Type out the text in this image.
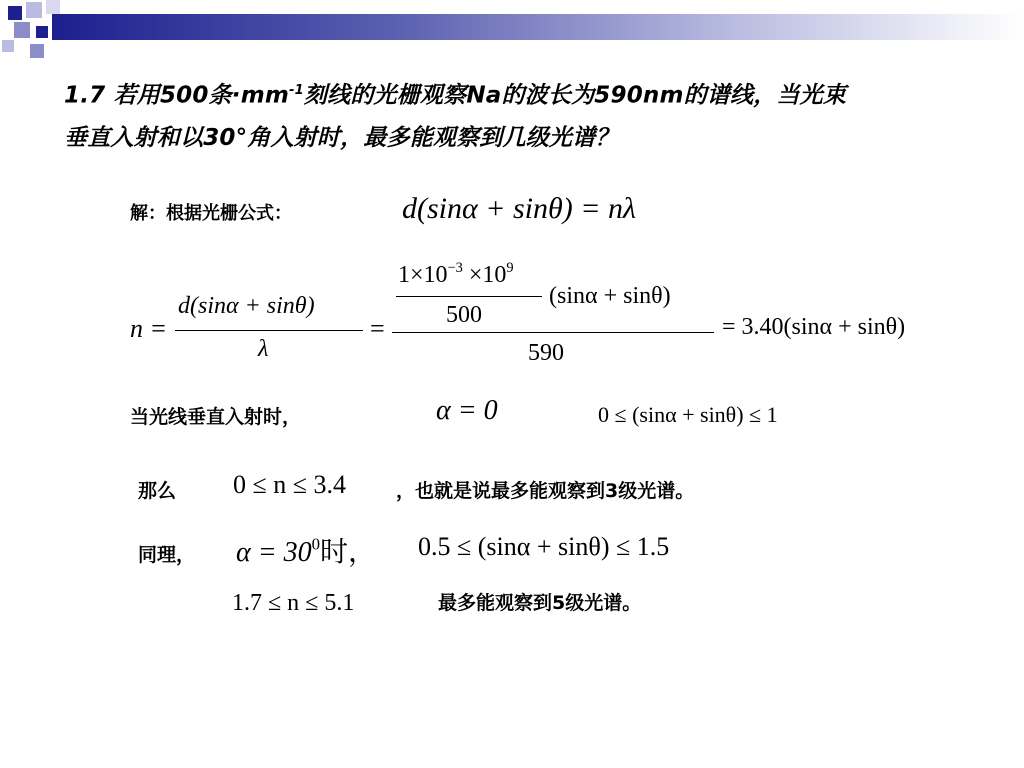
1.7 若用500条$\cdot mm^{-1}$刻线的光栅观察Na的波长为590nm的谱线，当光束
垂直入射和以30°角入射时，最多能观察到几级光谱？
解：根据光栅公式：	d(sinα + sinθ) = nλ
n =
d(sinα + sinθ)
λ
=
$1\times 10^{-3} \times 10^9$
500
(sinα + sinθ)
590
= 3.40(sinα + sinθ)
当光线垂直入射时，	α = 0	0 ≤ (sinα + sinθ) ≤ 1
那么 0 ≤ n ≤ 3.4	，也就是说最多能观察到3级光谱。
同理， $\alpha = 30^0$时， 0.5 ≤ (sinα + sinθ) ≤ 1.5
1.7 ≤ n ≤ 5.1	最多能观察到5级光谱。
